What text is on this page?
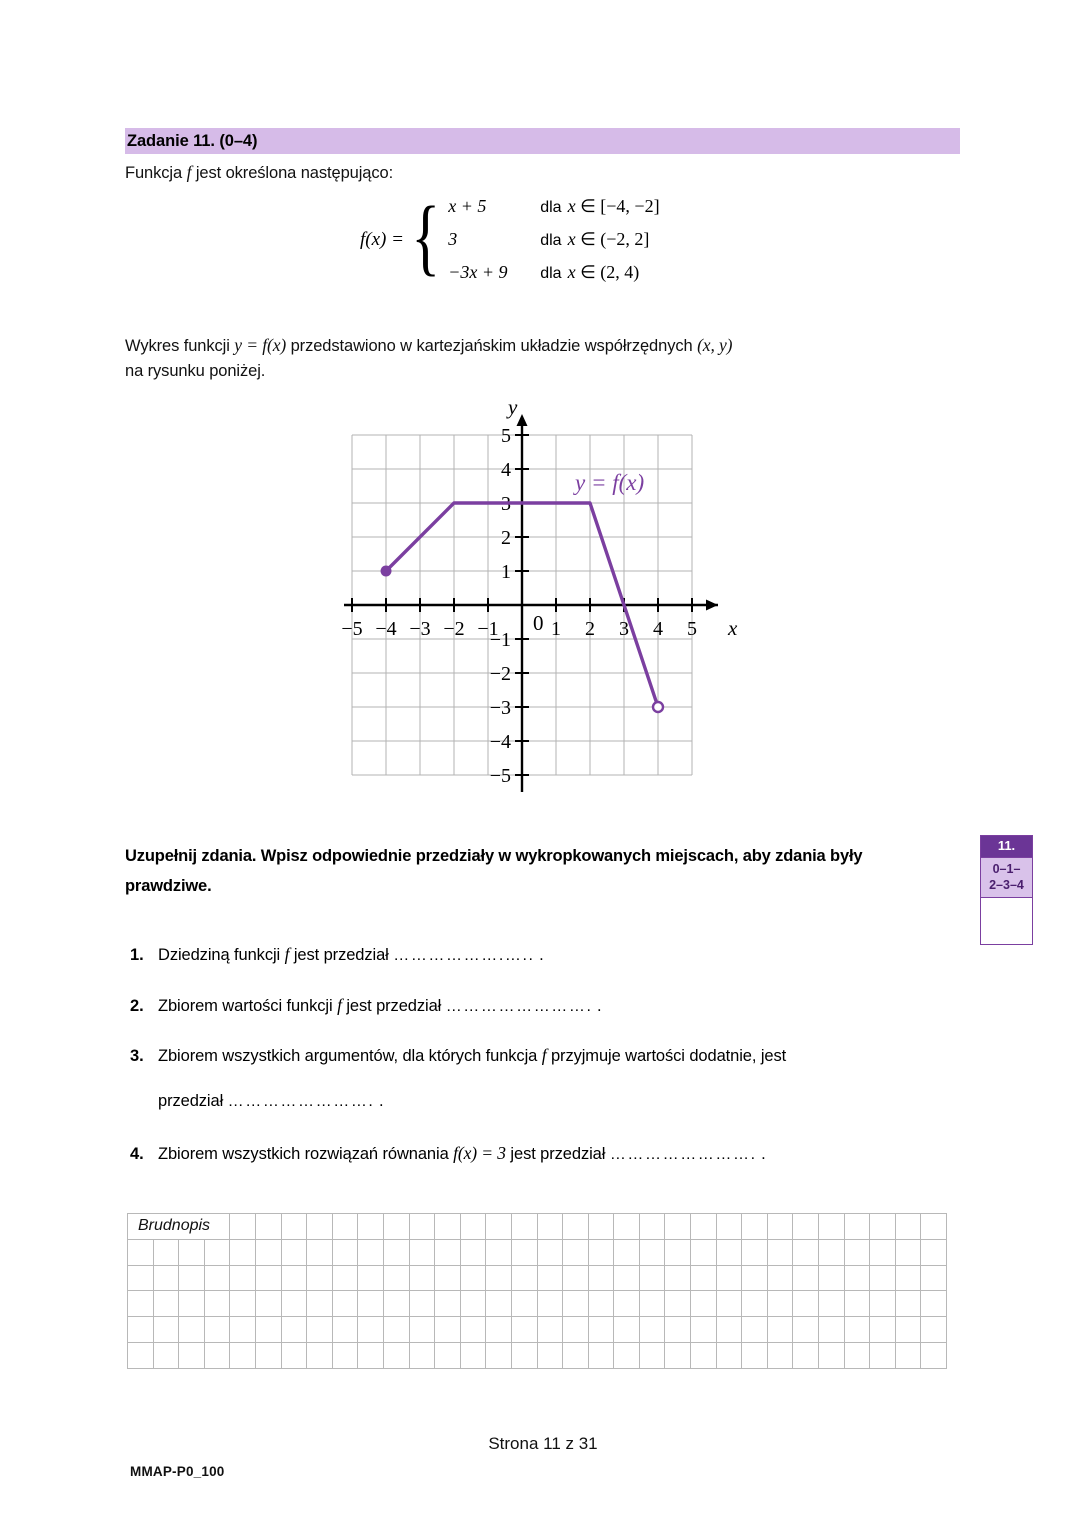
Zadanie 11. (0–4)
Funkcja f jest określona następująco:
f(x) = { x + 5	dla x ∈ [−4, −2]
3	dla x ∈ (−2, 2]
−3x + 9	dla x ∈ (2, 4)
Wykres funkcji y = f(x) przedstawiono w kartezjańskim układzie współrzędnych (x, y)
na rysunku poniżej.
−5 −4 −3 −2 −1	1 2 3 4 5
0
5
4
3
2
1
−1
−2
−3
−4
−5
x
y
y = f(x)
Uzupełnij zdania. Wpisz odpowiednie przedziały w wykropkowanych miejscach, aby zdania były prawdziwe.
11.
0–1–
2–3–4
1. Dziedziną funkcji f jest przedział ……………….….. .
2. Zbiorem wartości funkcji f jest przedział ……………………. .
3. Zbiorem wszystkich argumentów, dla których funkcja f przyjmuje wartości dodatnie, jest
przedział ……………………. .
4. Zbiorem wszystkich rozwiązań równania f(x) = 3 jest przedział ……………………. .
Brudnopis																															

Strona 11 z 31
MMAP-P0_100
